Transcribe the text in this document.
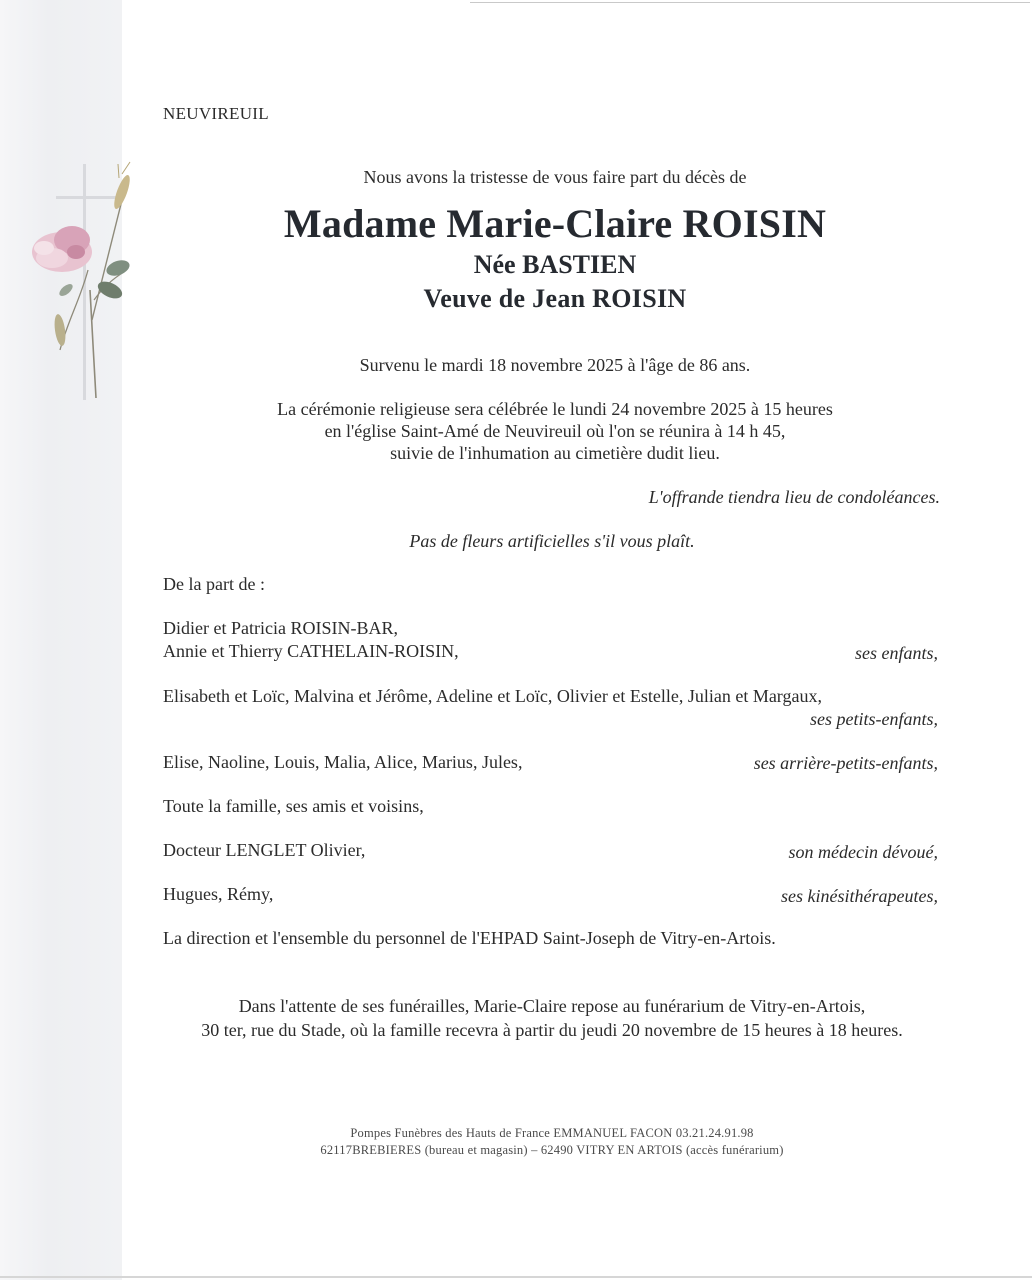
NEUVIREUIL

Nous avons la tristesse de vous faire part du décès de

Madame Marie-Claire ROISIN

Née BASTIEN

Veuve de Jean ROISIN

Survenu le mardi 18 novembre 2025 à l'âge de 86 ans.

La cérémonie religieuse sera célébrée le lundi 24 novembre 2025 à 15 heures
en l'église Saint-Amé de Neuvireuil où l'on se réunira à 14 h 45,
suivie de l'inhumation au cimetière dudit lieu.

L'offrande tiendra lieu de condoléances.

Pas de fleurs artificielles s'il vous plaît.

De la part de :

Didier et Patricia ROISIN-BAR,

Annie et Thierry CATHELAIN-ROISIN,	ses enfants,

Elisabeth et Loïc, Malvina et Jérôme, Adeline et Loïc, Olivier et Estelle, Julian et Margaux,

ses petits-enfants,

Elise, Naoline, Louis, Malia, Alice, Marius, Jules,	ses arrière-petits-enfants,

Toute la famille, ses amis et voisins,

Docteur LENGLET Olivier,	son médecin dévoué,

Hugues, Rémy,	ses kinésithérapeutes,

La direction et l'ensemble du personnel de l'EHPAD Saint-Joseph de Vitry-en-Artois.

Dans l'attente de ses funérailles, Marie-Claire repose au funérarium de Vitry-en-Artois,
30 ter, rue du Stade, où la famille recevra à partir du jeudi 20 novembre de 15 heures à 18 heures.
Pompes Funèbres des Hauts de France EMMANUEL FACON 03.21.24.91.98
62117BREBIERES (bureau et magasin) – 62490 VITRY EN ARTOIS (accès funérarium)
